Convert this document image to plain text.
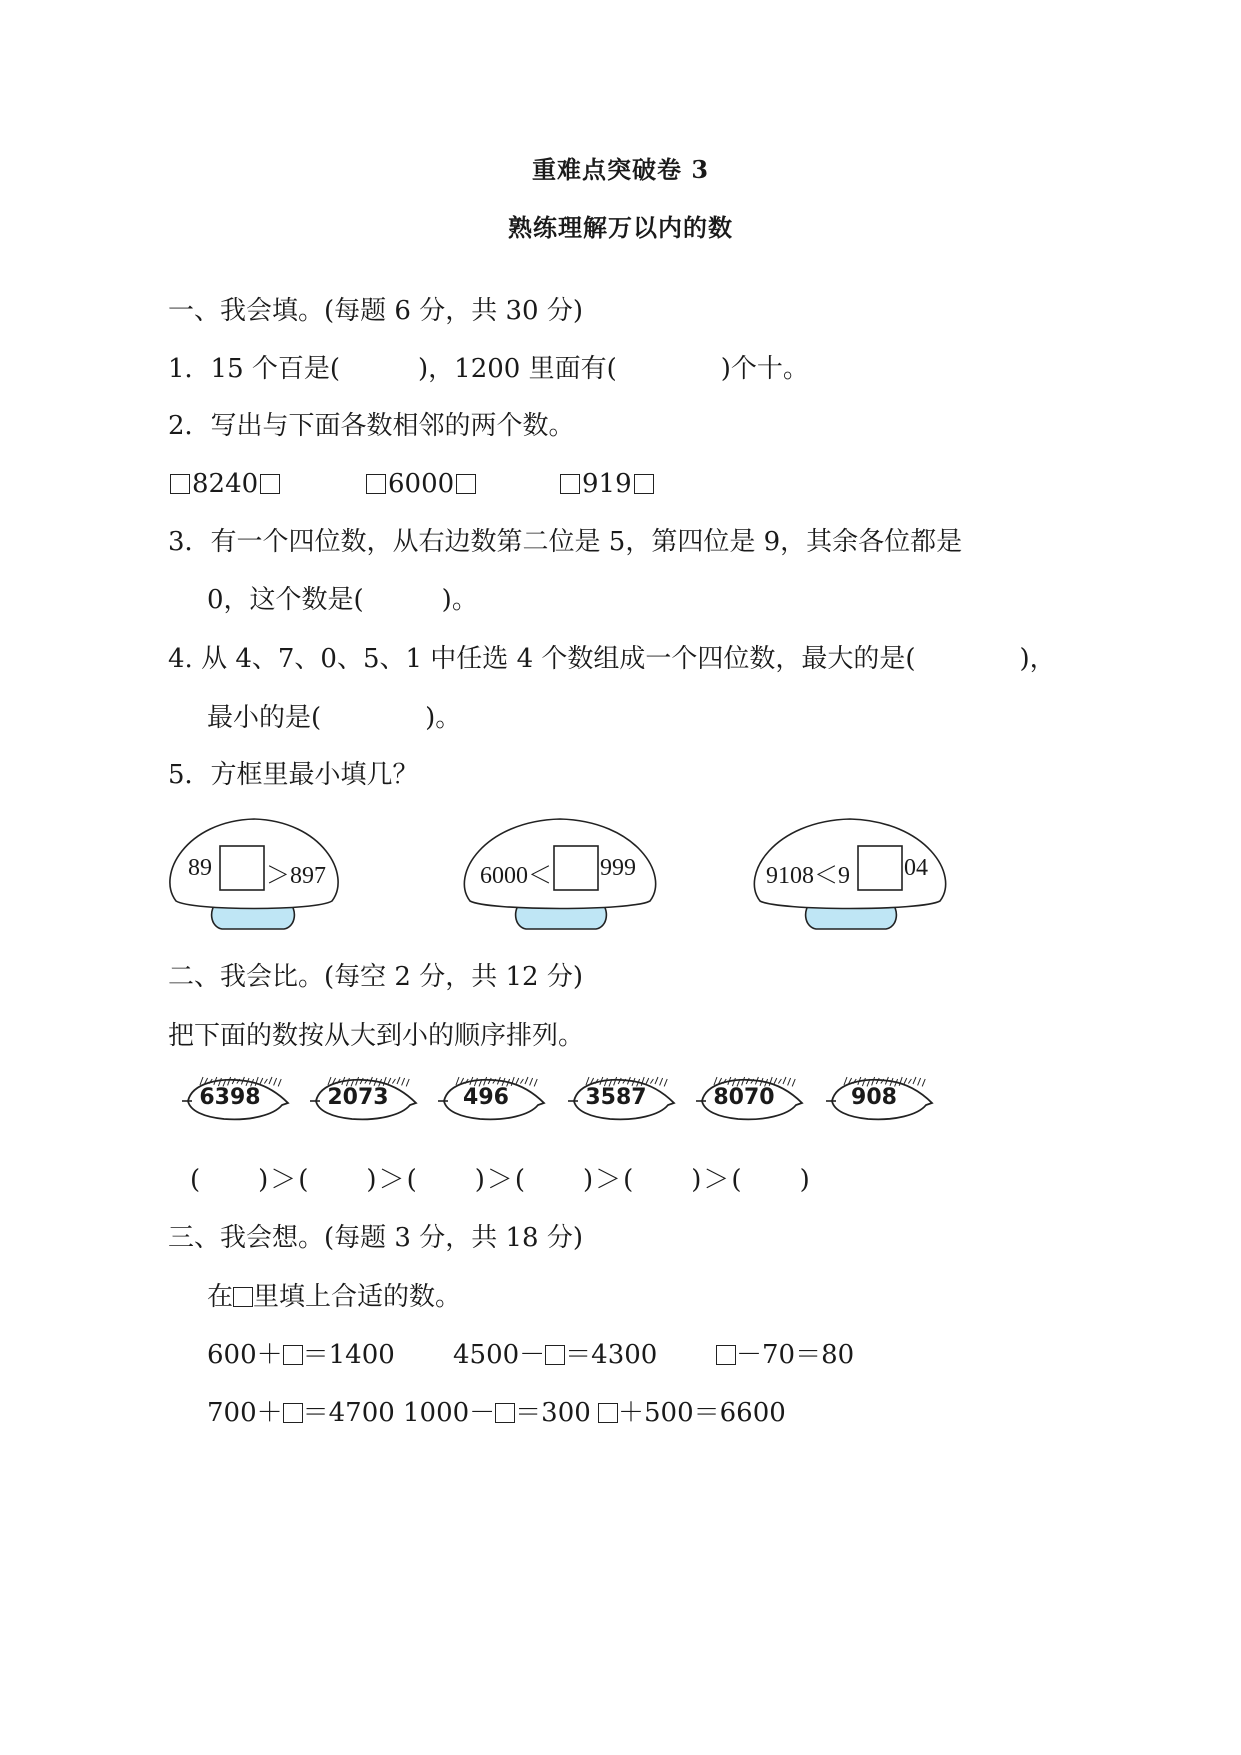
重难点突破卷 3
熟练理解万以内的数
一、我会填。(每题 6 分，共 30 分)
1．15 个百是(　　　)，1200 里面有(　　　　)个十。
2．写出与下面各数相邻的两个数。
8240	6000	919
3．有一个四位数，从右边数第二位是 5，第四位是 9，其余各位都是
0，这个数是(　　　)。
4. 从 4、7、0、5、1 中任选 4 个数组成一个四位数，最大的是(　　　　)，
最小的是(　　　　)。
5．方框里最小填几？
89 ＞897	6000＜ 999	9108＜9 04
二、我会比。(每空 2 分，共 12 分)
把下面的数按从大到小的顺序排列。
6398	2073	496	3587	8070	908
(　　)＞(　　)＞(　　)＞(　　)＞(　　)＞(　　)
三、我会想。(每题 3 分，共 18 分)
在 里填上合适的数。
600＋ ＝1400 4500－ ＝4300	－70＝80
700＋ ＝4700 1000－ ＝300	＋500＝6600
